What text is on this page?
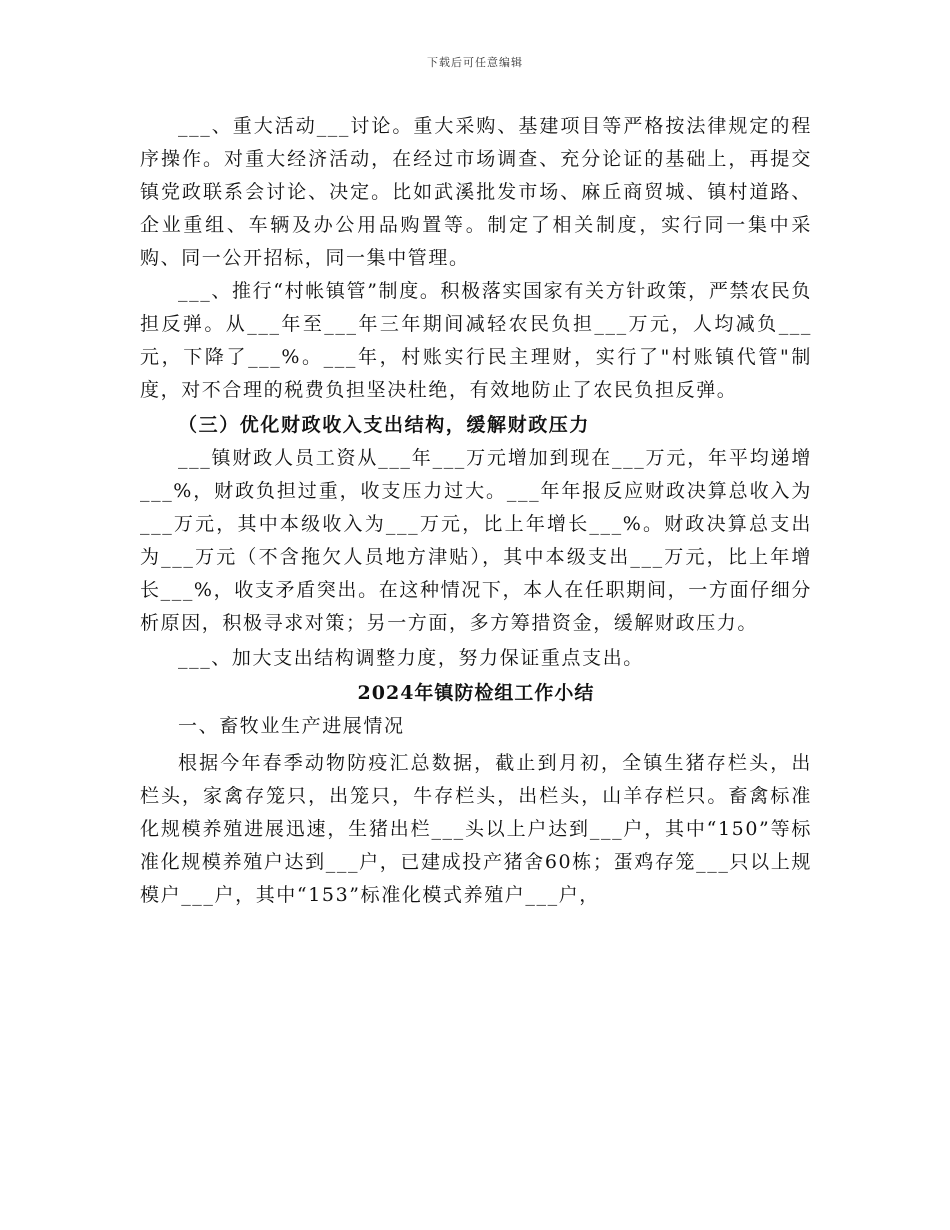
下载后可任意编辑

___、重大活动___讨论。重大采购、基建项目等严格按法律规定的程序操作。对重大经济活动，在经过市场调查、充分论证的基础上，再提交镇党政联系会讨论、决定。比如武溪批发市场、麻丘商贸城、镇村道路、企业重组、车辆及办公用品购置等。制定了相关制度，实行同一集中采购、同一公开招标，同一集中管理。

___、推行“村帐镇管”制度。积极落实国家有关方针政策，严禁农民负担反弹。从___年至___年三年期间减轻农民负担___万元，人均减负___元，下降了___%。___年，村账实行民主理财，实行了"村账镇代管"制度，对不合理的税费负担坚决杜绝，有效地防止了农民负担反弹。

（三）优化财政收入支出结构，缓解财政压力

___镇财政人员工资从___年___万元增加到现在___万元，年平均递增___%，财政负担过重，收支压力过大。___年年报反应财政决算总收入为___万元，其中本级收入为___万元，比上年增长___%。财政决算总支出为___万元（不含拖欠人员地方津贴），其中本级支出___万元，比上年增长___%，收支矛盾突出。在这种情况下，本人在任职期间，一方面仔细分析原因，积极寻求对策；另一方面，多方筹措资金，缓解财政压力。

___、加大支出结构调整力度，努力保证重点支出。

2024年镇防检组工作小结

一、畜牧业生产进展情况

根据今年春季动物防疫汇总数据，截止到月初，全镇生猪存栏头，出栏头，家禽存笼只，出笼只，牛存栏头，出栏头，山羊存栏只。畜禽标准化规模养殖进展迅速，生猪出栏___头以上户达到___户，其中“150”等标准化规模养殖户达到___户，已建成投产猪舍60栋；蛋鸡存笼___只以上规模户___户，其中“153”标准化模式养殖户___户，
